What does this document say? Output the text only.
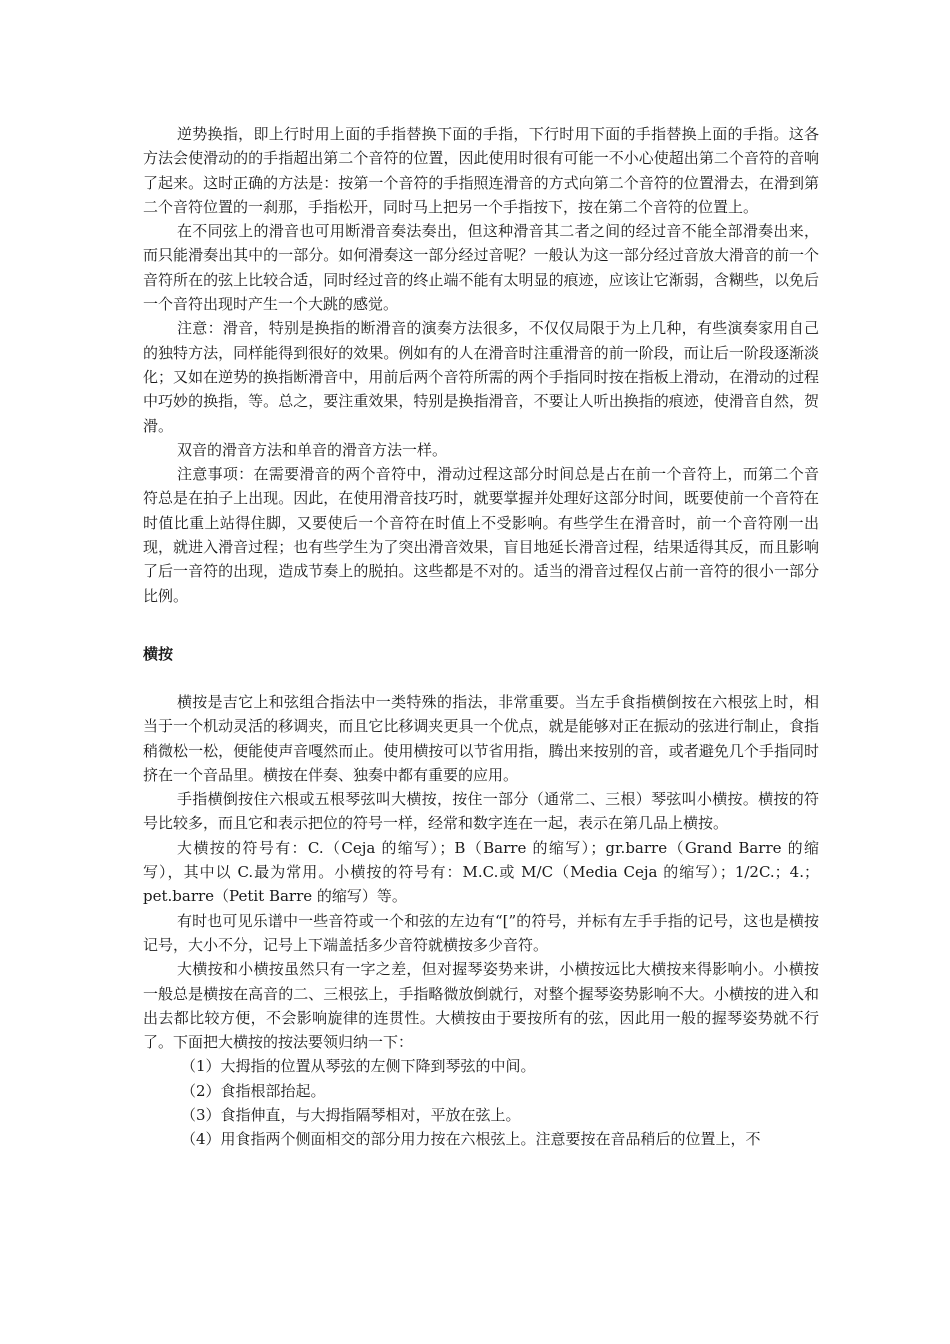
逆势换指，即上行时用上面的手指替换下面的手指，下行时用下面的手指替换上面的手指。这各方法会使滑动的的手指超出第二个音符的位置，因此使用时很有可能一不小心使超出第二个音符的音响了起来。这时正确的方法是：按第一个音符的手指照连滑音的方式向第二个音符的位置滑去，在滑到第二个音符位置的一刹那，手指松开，同时马上把另一个手指按下，按在第二个音符的位置上。

在不同弦上的滑音也可用断滑音奏法奏出，但这种滑音其二者之间的经过音不能全部滑奏出来，而只能滑奏出其中的一部分。如何滑奏这一部分经过音呢？一般认为这一部分经过音放大滑音的前一个音符所在的弦上比较合适，同时经过音的终止端不能有太明显的痕迹，应该让它渐弱，含糊些，以免后一个音符出现时产生一个大跳的感觉。

注意：滑音，特别是换指的断滑音的演奏方法很多，不仅仅局限于为上几种，有些演奏家用自己的独特方法，同样能得到很好的效果。例如有的人在滑音时注重滑音的前一阶段，而让后一阶段逐渐淡化；又如在逆势的换指断滑音中，用前后两个音符所需的两个手指同时按在指板上滑动，在滑动的过程中巧妙的换指，等。总之，要注重效果，特别是换指滑音，不要让人听出换指的痕迹，使滑音自然，贺滑。

双音的滑音方法和单音的滑音方法一样。

注意事项：在需要滑音的两个音符中，滑动过程这部分时间总是占在前一个音符上，而第二个音符总是在拍子上出现。因此，在使用滑音技巧时，就要掌握并处理好这部分时间，既要使前一个音符在时值比重上站得住脚，又要使后一个音符在时值上不受影响。有些学生在滑音时，前一个音符刚一出现，就进入滑音过程；也有些学生为了突出滑音效果，盲目地延长滑音过程，结果适得其反，而且影响了后一音符的出现，造成节奏上的脱拍。这些都是不对的。适当的滑音过程仅占前一音符的很小一部分比例。

横按

横按是吉它上和弦组合指法中一类特殊的指法，非常重要。当左手食指横倒按在六根弦上时，相当于一个机动灵活的移调夹，而且它比移调夹更具一个优点，就是能够对正在振动的弦进行制止，食指稍微松一松，便能使声音嘎然而止。使用横按可以节省用指，腾出来按别的音，或者避免几个手指同时挤在一个音品里。横按在伴奏、独奏中都有重要的应用。

手指横倒按住六根或五根琴弦叫大横按，按住一部分（通常二、三根）琴弦叫小横按。横按的符号比较多，而且它和表示把位的符号一样，经常和数字连在一起，表示在第几品上横按。

大横按的符号有：C.（Ceja 的缩写）；B（Barre 的缩写）；gr.barre（Grand Barre 的缩写），其中以 C.最为常用。小横按的符号有：M.C.或 M/C（Media Ceja 的缩写）；1/2C.；4.；pet.barre（Petit Barre 的缩写）等。

有时也可见乐谱中一些音符或一个和弦的左边有“[”的符号，并标有左手手指的记号，这也是横按记号，大小不分，记号上下端盖括多少音符就横按多少音符。

大横按和小横按虽然只有一字之差，但对握琴姿势来讲，小横按远比大横按来得影响小。小横按一般总是横按在高音的二、三根弦上，手指略微放倒就行，对整个握琴姿势影响不大。小横按的进入和出去都比较方便，不会影响旋律的连贯性。大横按由于要按所有的弦，因此用一般的握琴姿势就不行了。下面把大横按的按法要领归纳一下：

（1）大拇指的位置从琴弦的左侧下降到琴弦的中间。

（2）食指根部抬起。

（3）食指伸直，与大拇指隔琴相对，平放在弦上。

（4）用食指两个侧面相交的部分用力按在六根弦上。注意要按在音品稍后的位置上，不
